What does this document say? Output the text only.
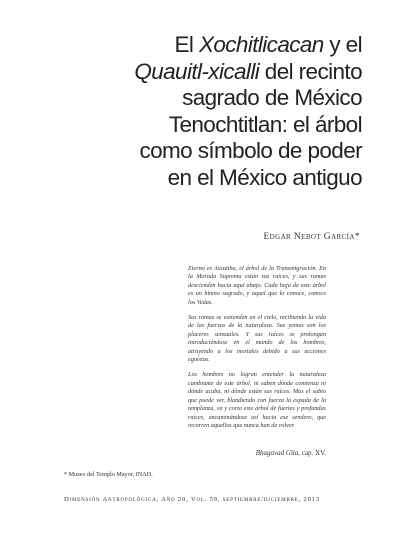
El Xochitlicacan y el
Quauitl-xicalli del recinto
sagrado de México
Tenochtitlan: el árbol
como símbolo de poder
en el México antiguo
Edgar Nebot García*

Eterno es Asvattha, el árbol de la Transmigración. En la Morada Suprema están sus raíces, y sus ramas descienden hacia aquí abajo. Cada hoja de este árbol es un himno sagrado, y aquel que lo conoce, conoce los Vedas.

Sus ramas se extienden en el cielo, recibiendo la vida de las fuerzas de la naturaleza. Sus yemas son los placeres sensuales. Y sus raíces se prolongan introduciéndose en el mundo de los hombres, atrayendo a los mortales debido a sus acciones egoístas.

Los hombres no logran entender la naturaleza cambiante de este árbol, ni saben dónde comienza ni dónde acaba, ni dónde están sus raíces. Mas el sabio que puede ver, blandiendo con fuerza la espada de la templanza, va y corta este árbol de fuertes y profundas raíces, encaminándose así hacia ese sendero, que recorren aquellos que nunca han de volver.

Bhagavad Gîta, cap. XV.
* Museo del Templo Mayor, INAH.
Dimensión Antropológica, Año 20, Vol. 59, septiembre/diciembre, 2013
